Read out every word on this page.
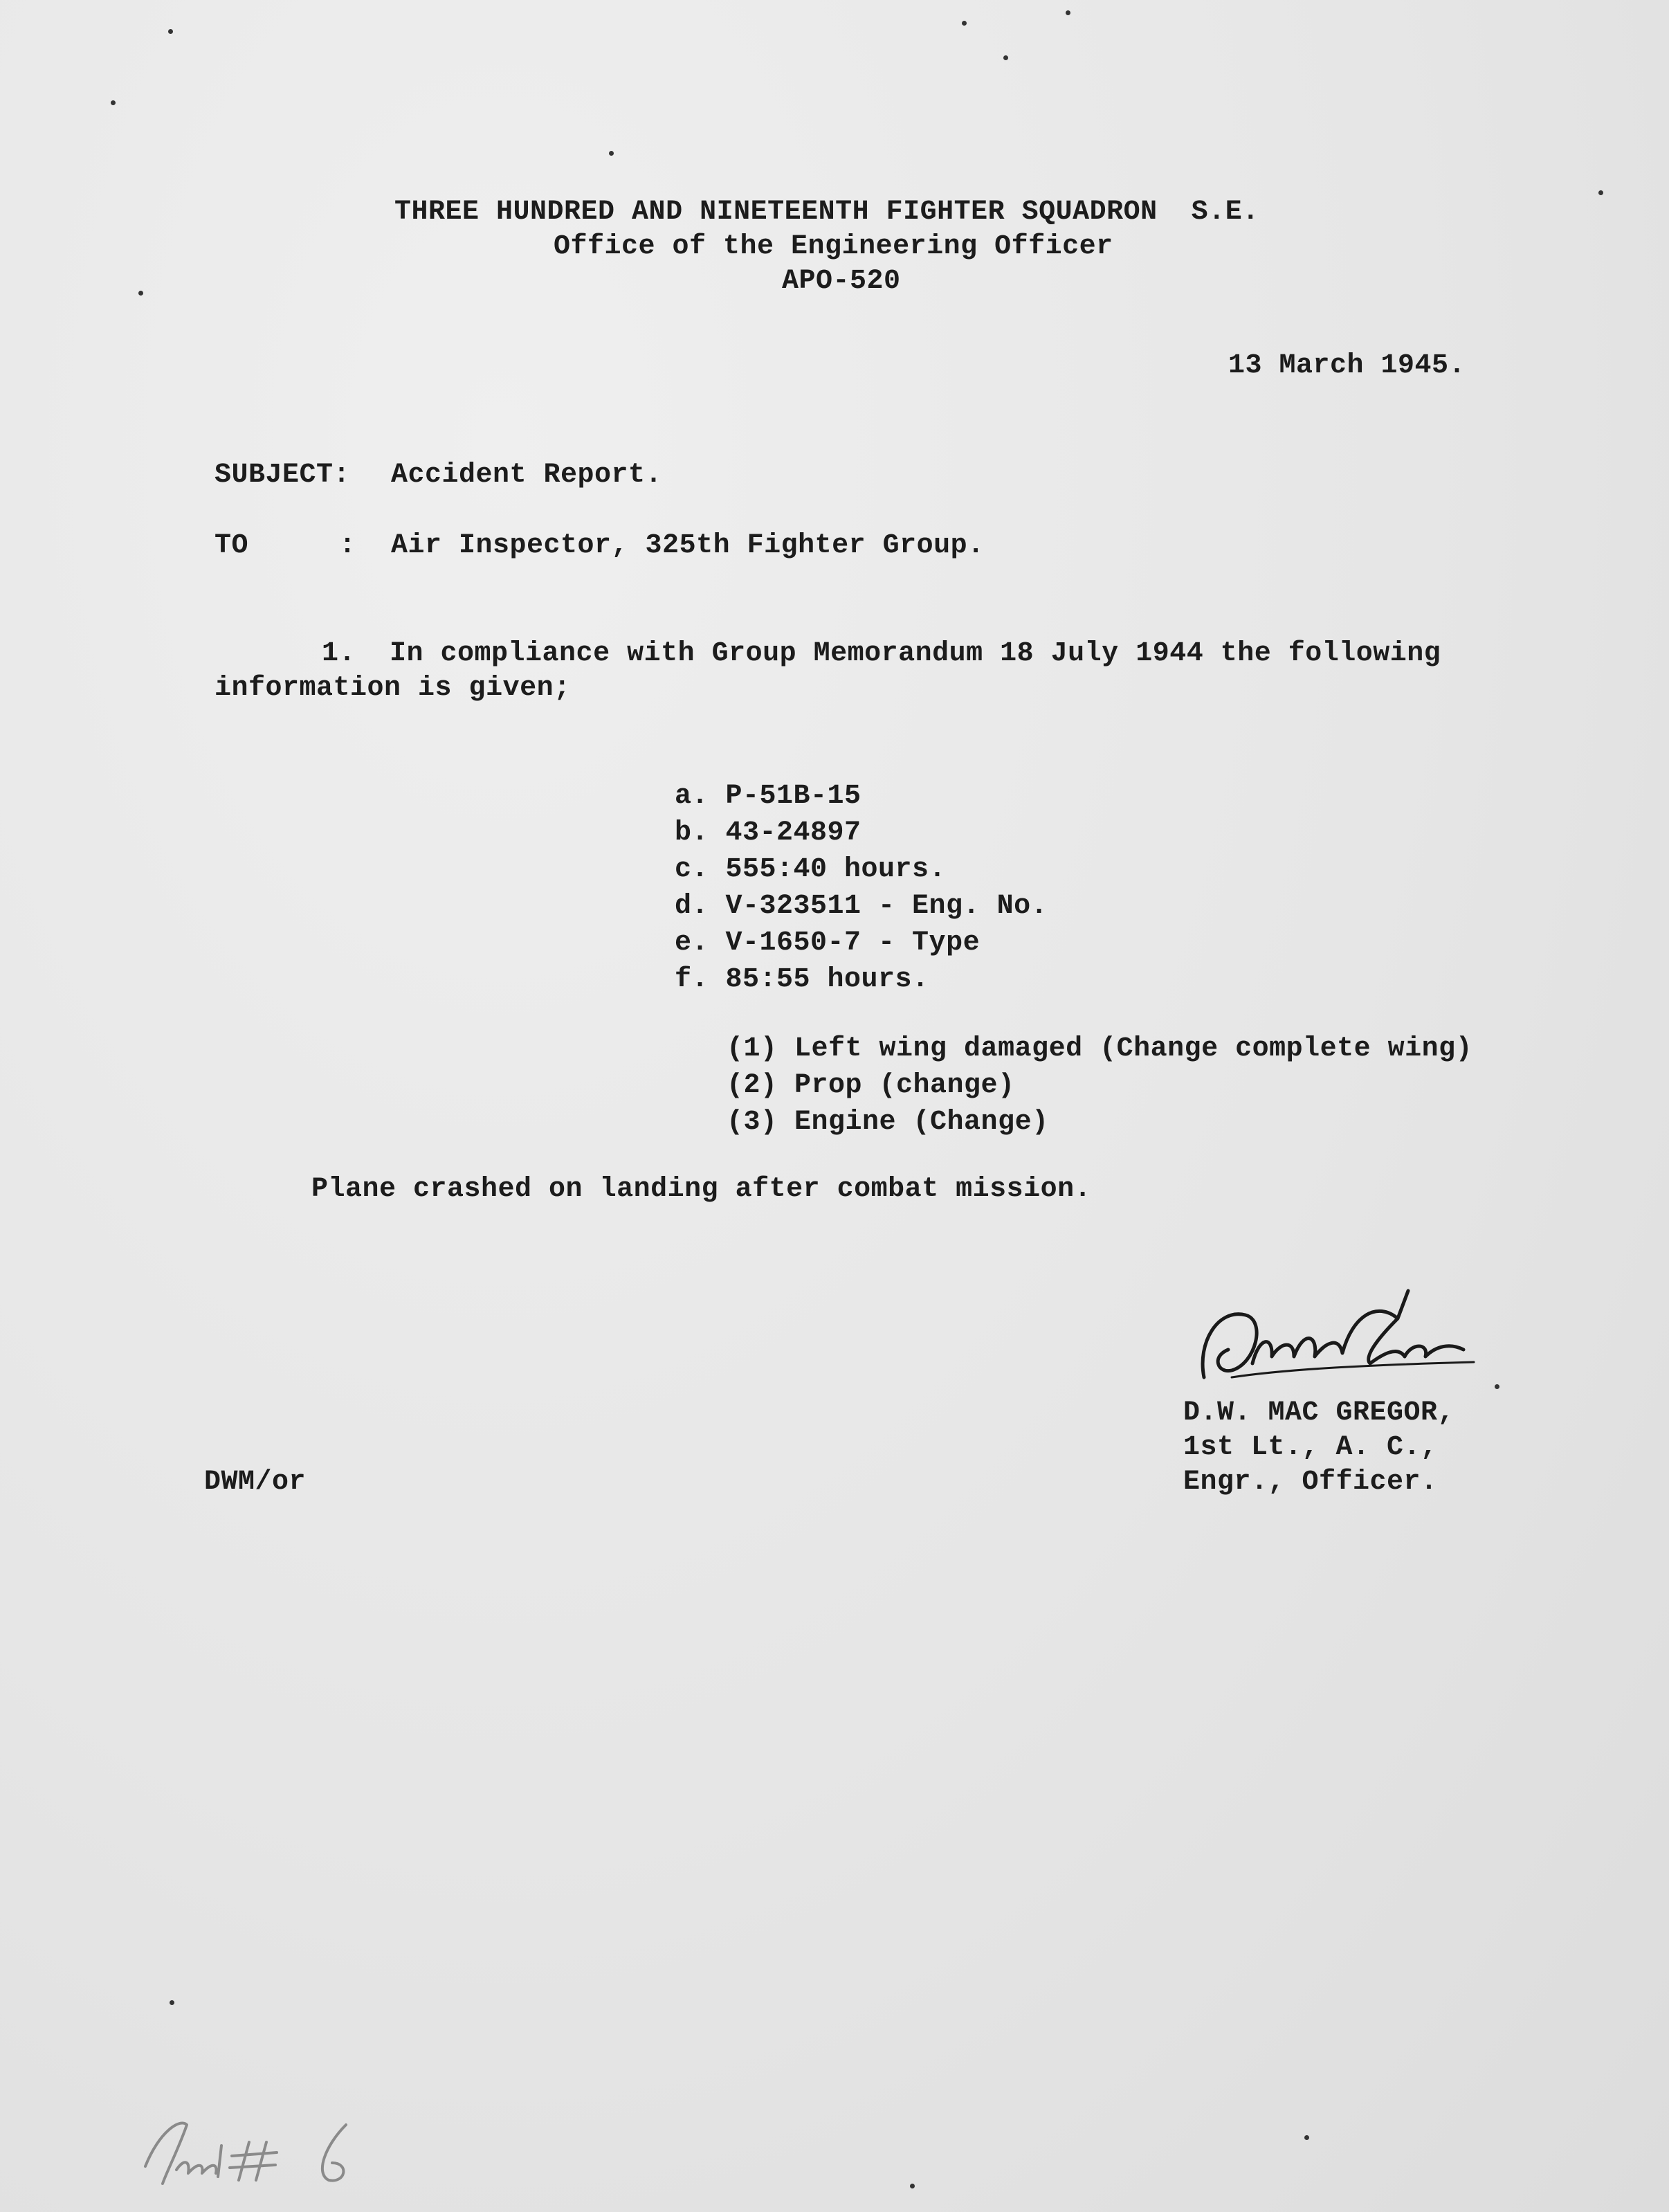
THREE HUNDRED AND NINETEENTH FIGHTER SQUADRON  S.E.
Office of the Engineering Officer
APO-520
13 March 1945.
SUBJECT: Accident Report.
TO	: Air Inspector, 325th Fighter Group.
1.  In compliance with Group Memorandum 18 July 1944 the following
information is given;
a. P-51B-15
b. 43-24897
c. 555:40 hours.
d. V-323511 - Eng. No.
e. V-1650-7 - Type
f. 85:55 hours.
(1) Left wing damaged (Change complete wing)
(2) Prop (change)
(3) Engine (Change)
Plane crashed on landing after combat mission.
D.W. MAC GREGOR,
1st Lt., A. C.,
Engr., Officer.
DWM/or
